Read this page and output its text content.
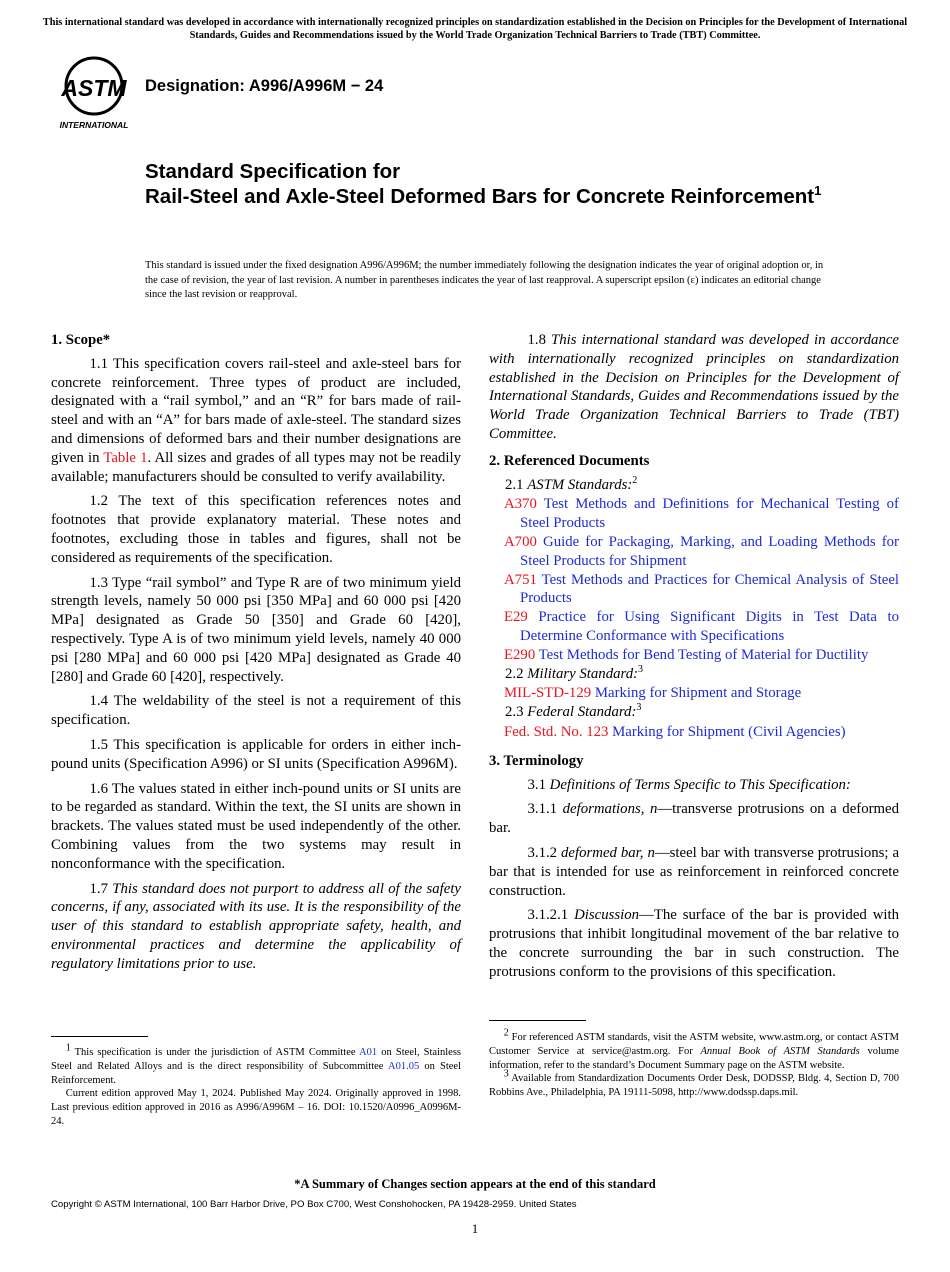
This international standard was developed in accordance with internationally recognized principles on standardization established in the Decision on Principles for the Development of International Standards, Guides and Recommendations issued by the World Trade Organization Technical Barriers to Trade (TBT) Committee.
ASTM
INTERNATIONAL
Designation: A996/A996M − 24
Standard Specification for
Rail-Steel and Axle-Steel Deformed Bars for Concrete Reinforcement$^1$
This standard is issued under the fixed designation A996/A996M; the number immediately following the designation indicates the year of original adoption or, in the case of revision, the year of last revision. A number in parentheses indicates the year of last reapproval. A superscript epsilon (ε) indicates an editorial change since the last revision or reapproval.
1. Scope*

1.1 This specification covers rail-steel and axle-steel bars for concrete reinforcement. Three types of product are included, designated with a “rail symbol,” and an “R” for bars made of rail-steel and with an “A” for bars made of axle-steel. The standard sizes and dimensions of deformed bars and their number designations are given in Table 1. All sizes and grades of all types may not be readily available; manufacturers should be consulted to verify availability.

1.2 The text of this specification references notes and footnotes that provide explanatory material. These notes and footnotes, excluding those in tables and figures, shall not be considered as requirements of the specification.

1.3 Type “rail symbol” and Type R are of two minimum yield strength levels, namely 50 000 psi [350 MPa] and 60 000 psi [420 MPa] designated as Grade 50 [350] and Grade 60 [420], respectively. Type A is of two minimum yield levels, namely 40 000 psi [280 MPa] and 60 000 psi [420 MPa] designated as Grade 40 [280] and Grade 60 [420], respectively.

1.4 The weldability of the steel is not a requirement of this specification.

1.5 This specification is applicable for orders in either inch-pound units (Specification A996) or SI units (Specification A996M).

1.6 The values stated in either inch-pound units or SI units are to be regarded as standard. Within the text, the SI units are shown in brackets. The values stated must be used independently of the other. Combining values from the two systems may result in nonconformance with the specification.

1.7 This standard does not purport to address all of the safety concerns, if any, associated with its use. It is the responsibility of the user of this standard to establish appropriate safety, health, and environmental practices and determine the applicability of regulatory limitations prior to use.

$^1$ This specification is under the jurisdiction of ASTM Committee A01 on Steel, Stainless Steel and Related Alloys and is the direct responsibility of Subcommittee A01.05 on Steel Reinforcement.

Current edition approved May 1, 2024. Published May 2024. Originally approved in 1998. Last previous edition approved in 2016 as A996/A996M – 16. DOI: 10.1520/A0996_A0996M-24.

1.8 This international standard was developed in accordance with internationally recognized principles on standardization established in the Decision on Principles for the Development of International Standards, Guides and Recommendations issued by the World Trade Organization Technical Barriers to Trade (TBT) Committee.

2. Referenced Documents
2.1 ASTM Standards:$^2$
A370 Test Methods and Definitions for Mechanical Testing of Steel Products
A700 Guide for Packaging, Marking, and Loading Methods for Steel Products for Shipment
A751 Test Methods and Practices for Chemical Analysis of Steel Products
E29 Practice for Using Significant Digits in Test Data to Determine Conformance with Specifications
E290 Test Methods for Bend Testing of Material for Ductility
2.2 Military Standard:$^3$
MIL-STD-129 Marking for Shipment and Storage
2.3 Federal Standard:$^3$
Fed. Std. No. 123 Marking for Shipment (Civil Agencies)
3. Terminology

3.1 Definitions of Terms Specific to This Specification:

3.1.1 deformations, n—transverse protrusions on a deformed bar.

3.1.2 deformed bar, n—steel bar with transverse protrusions; a bar that is intended for use as reinforcement in reinforced concrete construction.

3.1.2.1 Discussion—The surface of the bar is provided with protrusions that inhibit longitudinal movement of the bar relative to the concrete surrounding the bar in such construction. The protrusions conform to the provisions of this specification.

$^2$ For referenced ASTM standards, visit the ASTM website, www.astm.org, or contact ASTM Customer Service at service@astm.org. For Annual Book of ASTM Standards volume information, refer to the standard’s Document Summary page on the ASTM website.

$^3$ Available from Standardization Documents Order Desk, DODSSP, Bldg. 4, Section D, 700 Robbins Ave., Philadelphia, PA 19111-5098, http://www.dodssp.daps.mil.

*A Summary of Changes section appears at the end of this standard
Copyright © ASTM International, 100 Barr Harbor Drive, PO Box C700, West Conshohocken, PA 19428-2959. United States
1
